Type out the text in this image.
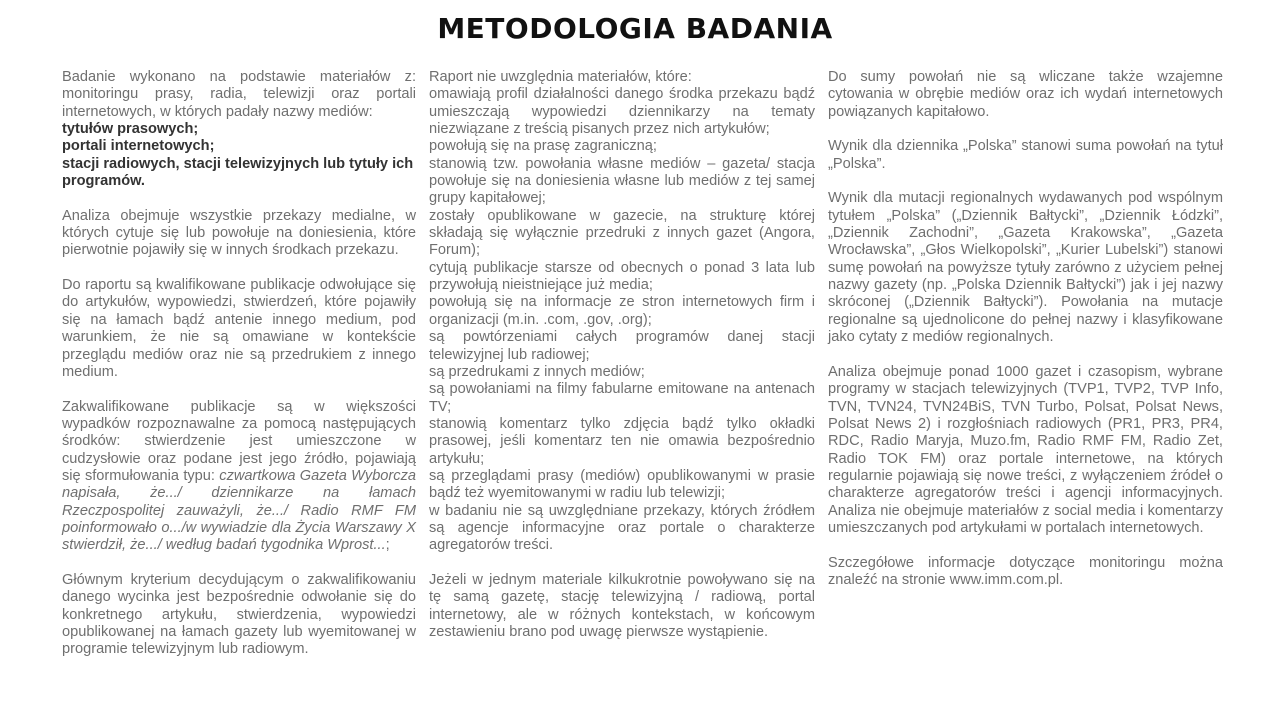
METODOLOGIA BADANIA

Badanie wykonano na podstawie materiałów z: monitoringu prasy, radia, telewizji oraz portali internetowych, w których padały nazwy mediów:
tytułów prasowych;
portali internetowych;
stacji radiowych, stacji telewizyjnych lub tytuły ich programów.

Analiza obejmuje wszystkie przekazy medialne, w których cytuje się lub powołuje na doniesienia, które pierwotnie pojawiły się w innych środkach przekazu.

Do raportu są kwalifikowane publikacje odwołujące się do artykułów, wypowiedzi, stwierdzeń, które pojawiły się na łamach bądź antenie innego medium, pod warunkiem, że nie są omawiane w kontekście przeglądu mediów oraz nie są przedrukiem z innego medium.

Zakwalifikowane publikacje są w większości wypadków rozpoznawalne za pomocą następujących środków: stwierdzenie jest umieszczone w cudzysłowie oraz podane jest jego źródło, pojawiają się sformułowania typu: czwartkowa Gazeta Wyborcza napisała, że.../ dziennikarze na łamach Rzeczpospolitej zauważyli, że.../ Radio RMF FM poinformowało o.../w wywiadzie dla Życia Warszawy X stwierdził, że.../ według badań tygodnika Wprost...;

Głównym kryterium decydującym o zakwalifikowaniu danego wycinka jest bezpośrednie odwołanie się do konkretnego artykułu, stwierdzenia, wypowiedzi opublikowanej na łamach gazety lub wyemitowanej w programie telewizyjnym lub radiowym.

Raport nie uwzględnia materiałów, które:
omawiają profil działalności danego środka przekazu bądź umieszczają wypowiedzi dziennikarzy na tematy niezwiązane z treścią pisanych przez nich artykułów;
powołują się na prasę zagraniczną;
stanowią tzw. powołania własne mediów – gazeta/ stacja powołuje się na doniesienia własne lub mediów z tej samej grupy kapitałowej;
zostały opublikowane w gazecie, na strukturę której składają się wyłącznie przedruki z innych gazet (Angora, Forum);
cytują publikacje starsze od obecnych o ponad 3 lata lub przywołują nieistniejące już media;
powołują się na informacje ze stron internetowych firm i organizacji (m.in. .com, .gov, .org);
są powtórzeniami całych programów danej stacji telewizyjnej lub radiowej;
są przedrukami z innych mediów;
są powołaniami na filmy fabularne emitowane na antenach TV;
stanowią komentarz tylko zdjęcia bądź tylko okładki prasowej, jeśli komentarz ten nie omawia bezpośrednio artykułu;
są przeglądami prasy (mediów) opublikowanymi w prasie bądź też wyemitowanymi w radiu lub telewizji;
w badaniu nie są uwzględniane przekazy, których źródłem są agencje informacyjne oraz portale o charakterze agregatorów treści.

Jeżeli w jednym materiale kilkukrotnie powoływano się na tę samą gazetę, stację telewizyjną / radiową, portal internetowy, ale w różnych kontekstach, w końcowym zestawieniu brano pod uwagę pierwsze wystąpienie.

Do sumy powołań nie są wliczane także wzajemne cytowania w obrębie mediów oraz ich wydań internetowych powiązanych kapitałowo.

Wynik dla dziennika „Polska” stanowi suma powołań na tytuł „Polska”.

Wynik dla mutacji regionalnych wydawanych pod wspólnym tytułem „Polska” („Dziennik Bałtycki”, „Dziennik Łódzki”, „Dziennik Zachodni”, „Gazeta Krakowska”, „Gazeta Wrocławska”, „Głos Wielkopolski”, „Kurier Lubelski”) stanowi sumę powołań na powyższe tytuły zarówno z użyciem pełnej nazwy gazety (np. „Polska Dziennik Bałtycki”) jak i jej nazwy skróconej („Dziennik Bałtycki”). Powołania na mutacje regionalne są ujednolicone do pełnej nazwy i klasyfikowane jako cytaty z mediów regionalnych.

Analiza obejmuje ponad 1000 gazet i czasopism, wybrane programy w stacjach telewizyjnych (TVP1, TVP2, TVP Info, TVN, TVN24, TVN24BiS, TVN Turbo, Polsat, Polsat News, Polsat News 2) i rozgłośniach radiowych (PR1, PR3, PR4, RDC, Radio Maryja, Muzo.fm, Radio RMF FM, Radio Zet, Radio TOK FM) oraz portale internetowe, na których regularnie pojawiają się nowe treści, z wyłączeniem źródeł o charakterze agregatorów treści i agencji informacyjnych. Analiza nie obejmuje materiałów z social media i komentarzy umieszczanych pod artykułami w portalach internetowych.

Szczegółowe informacje dotyczące monitoringu można znaleźć na stronie www.imm.com.pl.
